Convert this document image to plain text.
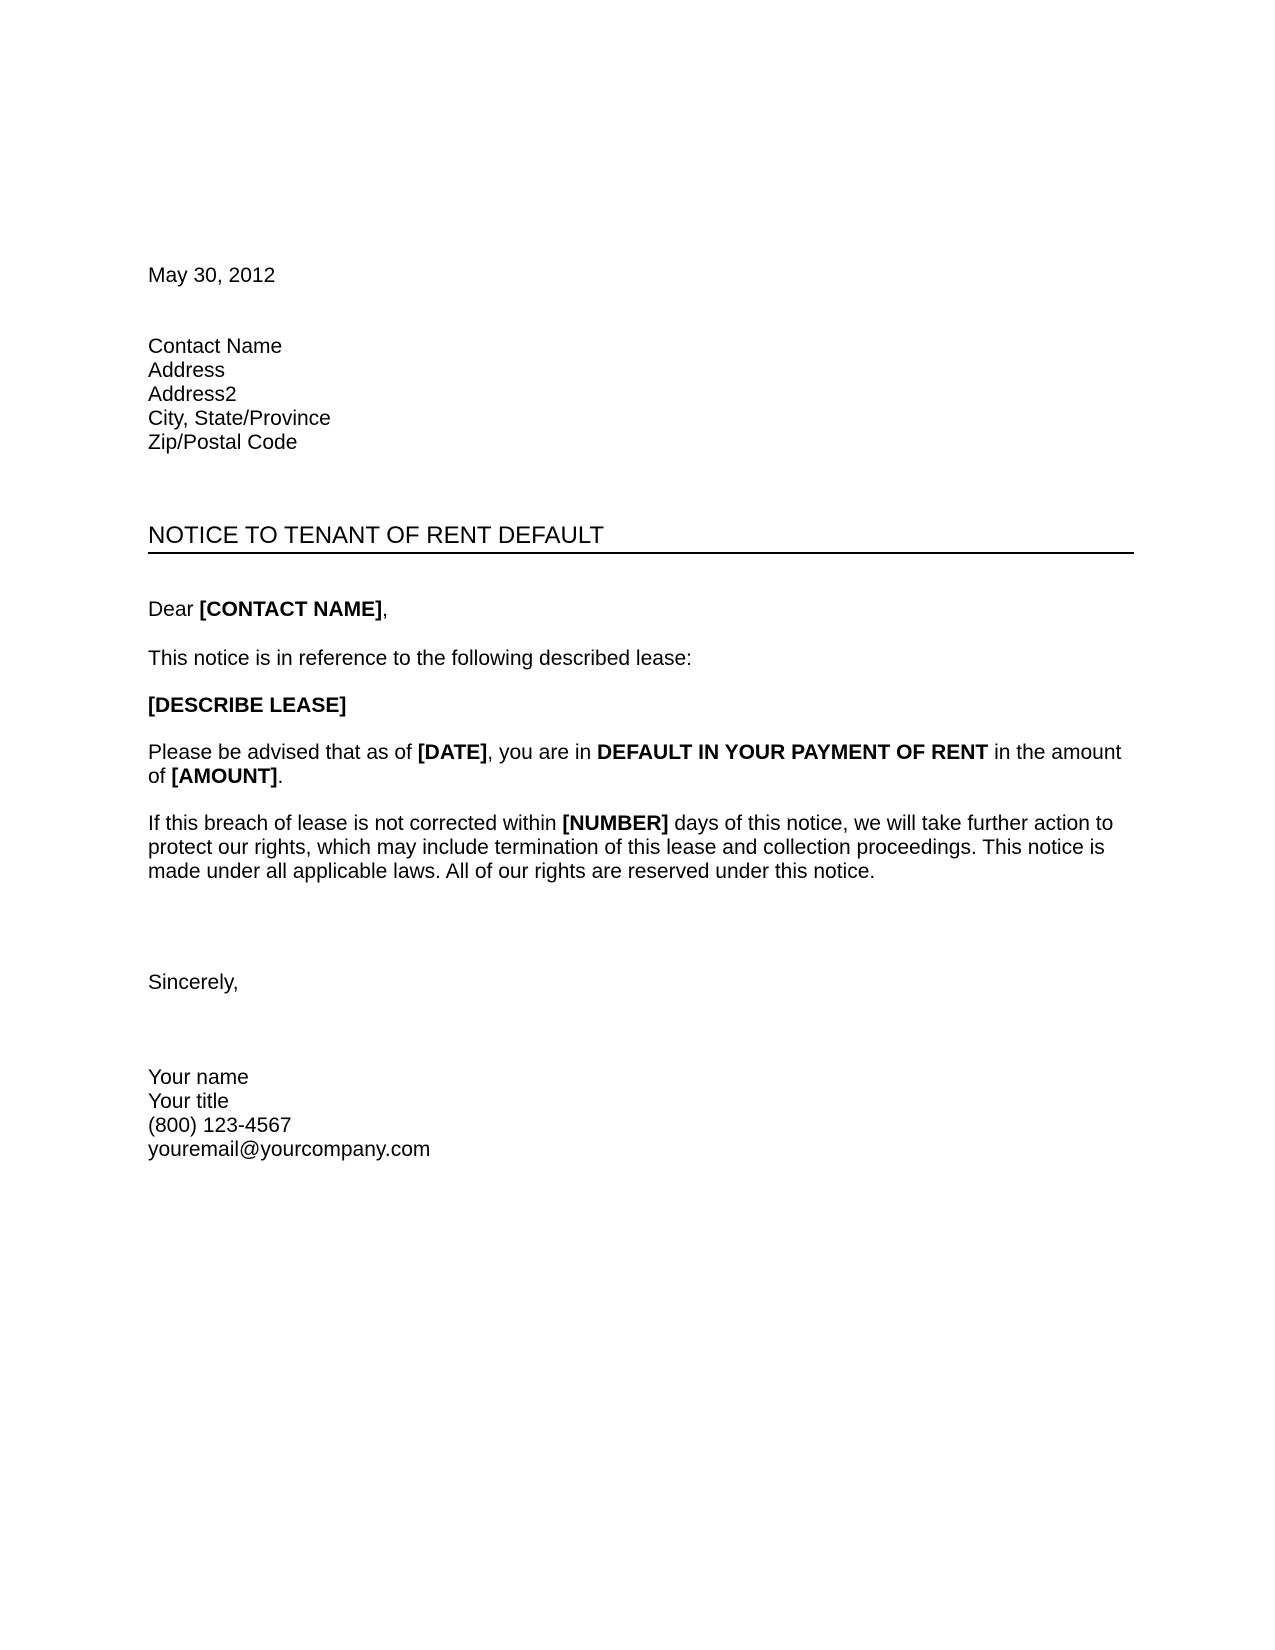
May 30, 2012
Contact Name
Address
Address2
City, State/Province
Zip/Postal Code
NOTICE TO TENANT OF RENT DEFAULT
Dear [CONTACT NAME],
This notice is in reference to the following described lease:
[DESCRIBE LEASE]
Please be advised that as of [DATE], you are in DEFAULT IN YOUR PAYMENT OF RENT in the amount of [AMOUNT].
If this breach of lease is not corrected within [NUMBER] days of this notice, we will take further action to protect our rights, which may include termination of this lease and collection proceedings. This notice is made under all applicable laws. All of our rights are reserved under this notice.
Sincerely,
Your name
Your title
(800) 123-4567
youremail@yourcompany.com
